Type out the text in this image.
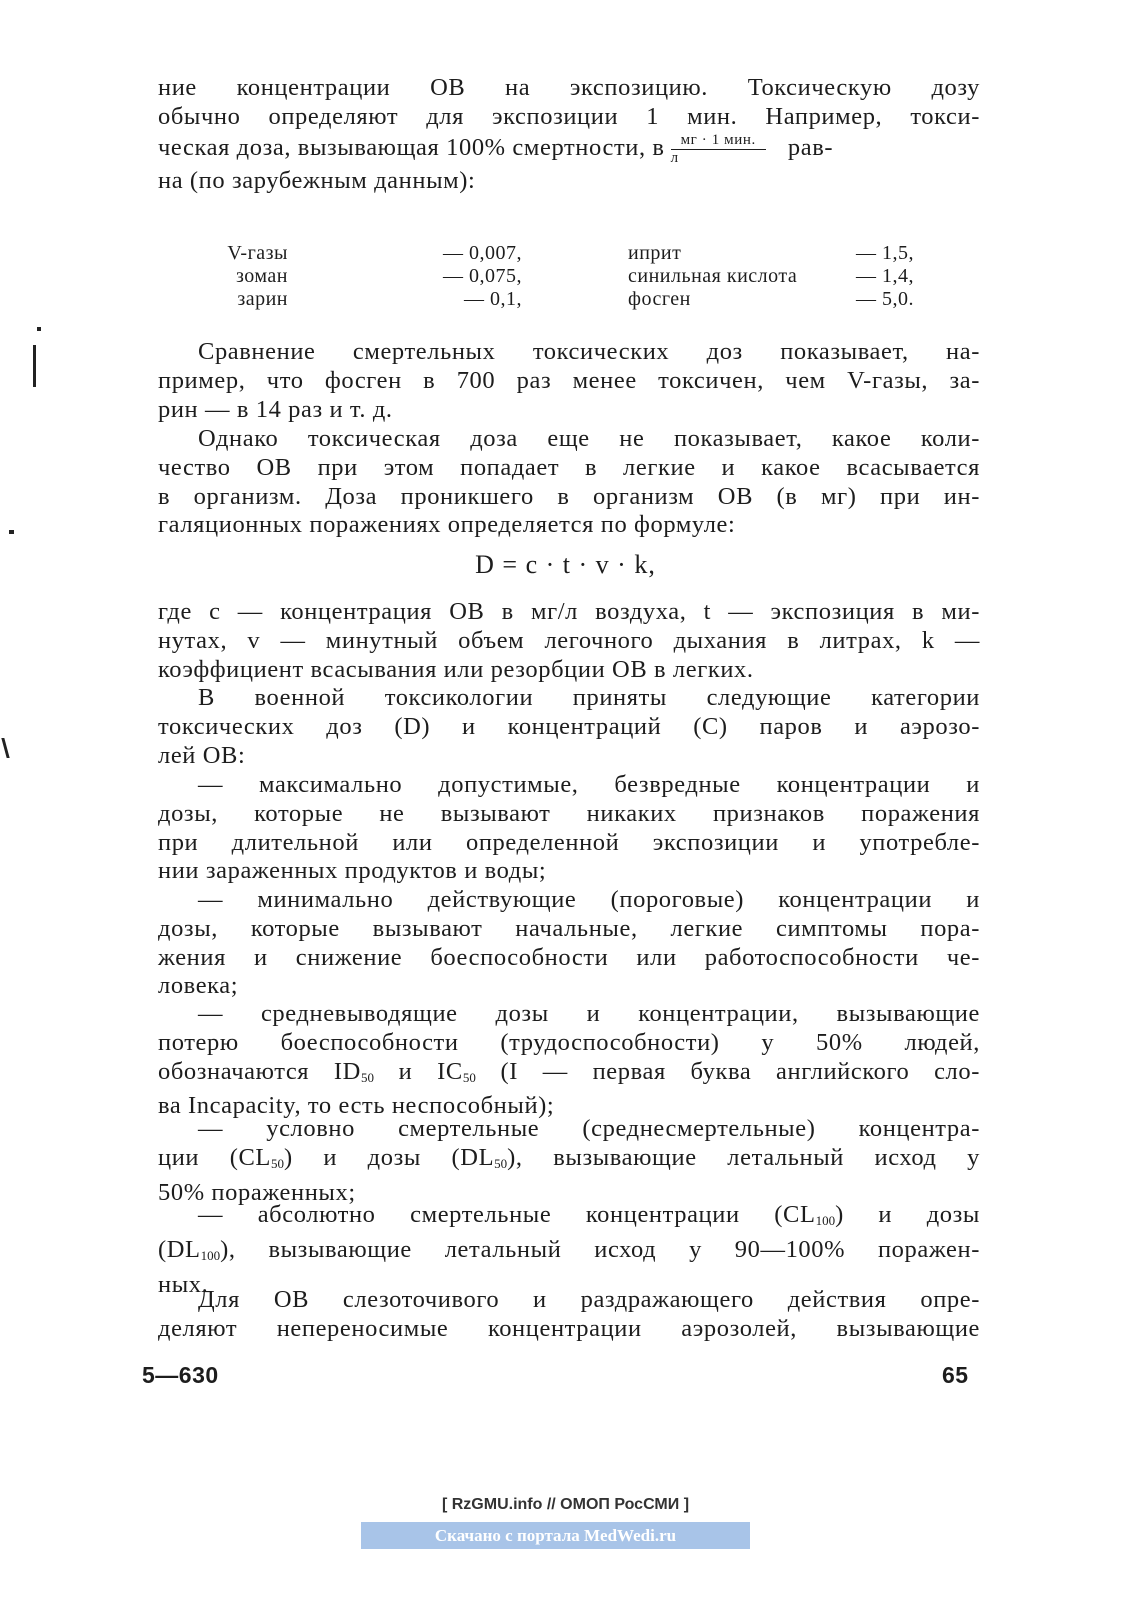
ние концентрации ОВ на экспозицию. Токсическую дозу
обычно определяют для экспозиции 1 мин. Например, токси-
ческая доза, вызывающая 100% смертности, в $\frac{\text{мг · 1 мин.}}{л} рав-$
на (по зарубежным данным):
V-газы	— 0,007,	иприт	— 1,5,
зоман	— 0,075,	синильная кислота	— 1,4,
зарин	— 0,1,	фосген	— 5,0.
Сравнение смертельных токсических доз показывает, на-
пример, что фосген в 700 раз менее токсичен, чем V-газы, за-
рин — в 14 раз и т. д.
Однако токсическая доза еще не показывает, какое коли-
чество ОВ при этом попадает в легкие и какое всасывается
в организм. Доза проникшего в организм ОВ (в мг) при ин-
галяционных поражениях определяется по формуле:
D = c · t · v · k,
где c — концентрация ОВ в мг/л воздуха, t — экспозиция в ми-
нутах, v — минутный объем легочного дыхания в литрах, k —
коэффициент всасывания или резорбции ОВ в легких.
В военной токсикологии приняты следующие категории
токсических доз (D) и концентраций (С) паров и аэрозо-
лей ОВ:
— максимально допустимые, безвредные концентрации и
дозы, которые не вызывают никаких признаков поражения
при длительной или определенной экспозиции и употребле-
нии зараженных продуктов и воды;
— минимально действующие (пороговые) концентрации и
дозы, которые вызывают начальные, легкие симптомы пора-
жения и снижение боеспособности или работоспособности че-
ловека;
— средневыводящие дозы и концентрации, вызывающие
потерю боеспособности (трудоспособности) у 50% людей,
обозначаются $ID_{50}$ и $IC_{50}$ (I — первая буква английского сло-
ва Incapacity, то есть неспособный);
— условно смертельные (среднесмертельные) концентра-
ции $(CL_{50})$ и дозы $(DL_{50})$, вызывающие летальный исход у
50% пораженных;
— абсолютно смертельные концентрации $(CL_{100})$ и дозы
$(DL_{100})$, вызывающие летальный исход у 90—100% поражен-
ных.
Для ОВ слезоточивого и раздражающего действия опре-
деляют непереносимые концентрации аэрозолей, вызывающие
5—630	65
[ RzGMU.info // ОМОП РосСМИ ]
Скачано с портала MedWedi.ru
